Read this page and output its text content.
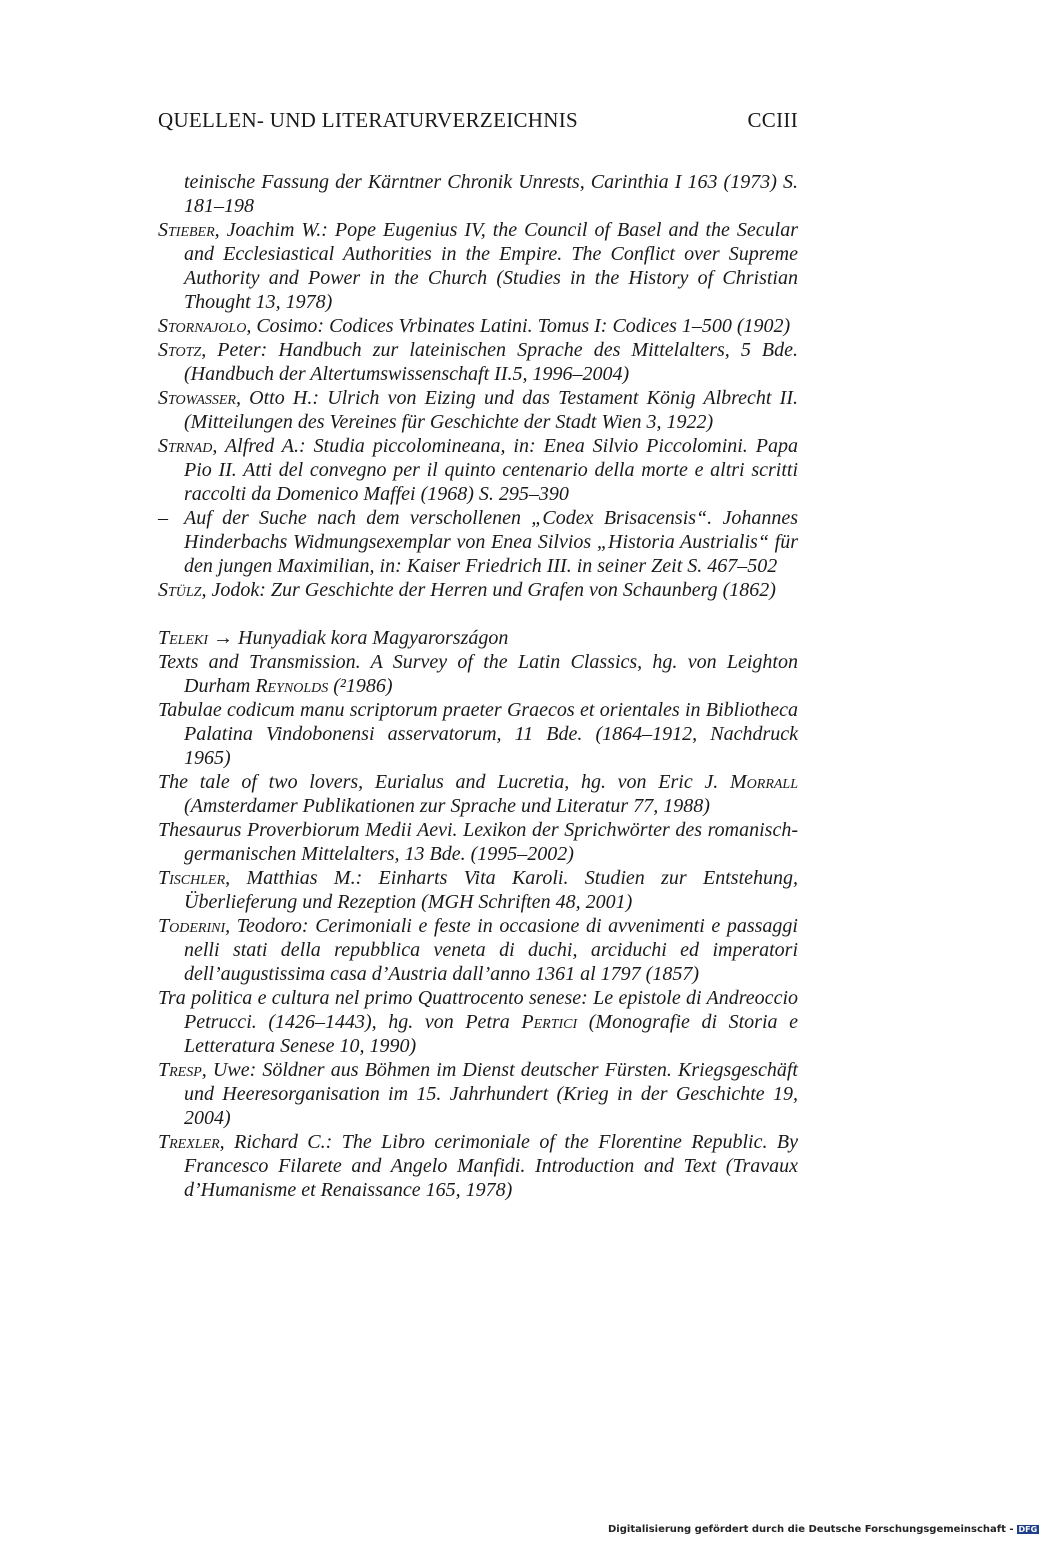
QUELLEN- UND LITERATURVERZEICHNIS	CCIII
teinische Fassung der Kärntner Chronik Unrests, Carinthia I 163 (1973) S. 181–198
Stieber, Joachim W.: Pope Eugenius IV, the Council of Basel and the Secular and Ecclesiastical Authorities in the Empire. The Conflict over Supreme Authority and Power in the Church (Studies in the History of Christian Thought 13, 1978)
Stornajolo, Cosimo: Codices Vrbinates Latini. Tomus I: Codices 1–500 (1902)
Stotz, Peter: Handbuch zur lateinischen Sprache des Mittelalters, 5 Bde. (Handbuch der Altertumswissenschaft II.5, 1996–2004)
Stowasser, Otto H.: Ulrich von Eizing und das Testament König Albrecht II. (Mitteilungen des Vereines für Geschichte der Stadt Wien 3, 1922)
Strnad, Alfred A.: Studia piccolomineana, in: Enea Silvio Piccolomini. Papa Pio II. Atti del convegno per il quinto centenario della morte e altri scritti raccolti da Domenico Maffei (1968) S. 295–390
– Auf der Suche nach dem verschollenen „Codex Brisacensis“. Johannes Hinderbachs Widmungsexemplar von Enea Silvios „Historia Austrialis“ für den jungen Maximilian, in: Kaiser Friedrich III. in seiner Zeit S. 467–502
Stülz, Jodok: Zur Geschichte der Herren und Grafen von Schaunberg (1862)
Teleki → Hunyadiak kora Magyarországon
Texts and Transmission. A Survey of the Latin Classics, hg. von Leighton Durham Reynolds (²1986)
Tabulae codicum manu scriptorum praeter Graecos et orientales in Bibliotheca Palatina Vindobonensi asservatorum, 11 Bde. (1864–1912, Nachdruck 1965)
The tale of two lovers, Eurialus and Lucretia, hg. von Eric J. Morrall (Amsterdamer Publikationen zur Sprache und Literatur 77, 1988)
Thesaurus Proverbiorum Medii Aevi. Lexikon der Sprichwörter des romanisch-germanischen Mittelalters, 13 Bde. (1995–2002)
Tischler, Matthias M.: Einharts Vita Karoli. Studien zur Entstehung, Überlieferung und Rezeption (MGH Schriften 48, 2001)
Toderini, Teodoro: Cerimoniali e feste in occasione di avvenimenti e passaggi nelli stati della repubblica veneta di duchi, arciduchi ed imperatori dell’augustissima casa d’Austria dall’anno 1361 al 1797 (1857)
Tra politica e cultura nel primo Quattrocento senese: Le epistole di Andreoccio Petrucci. (1426–1443), hg. von Petra Pertici (Monografie di Storia e Letteratura Senese 10, 1990)
Tresp, Uwe: Söldner aus Böhmen im Dienst deutscher Fürsten. Kriegsgeschäft und Heeresorganisation im 15. Jahrhundert (Krieg in der Geschichte 19, 2004)
Trexler, Richard C.: The Libro cerimoniale of the Florentine Republic. By Francesco Filarete and Angelo Manfidi. Introduction and Text (Travaux d’Humanisme et Renaissance 165, 1978)
Digitalisierung gefördert durch die Deutsche Forschungsgemeinschaft - DFG
